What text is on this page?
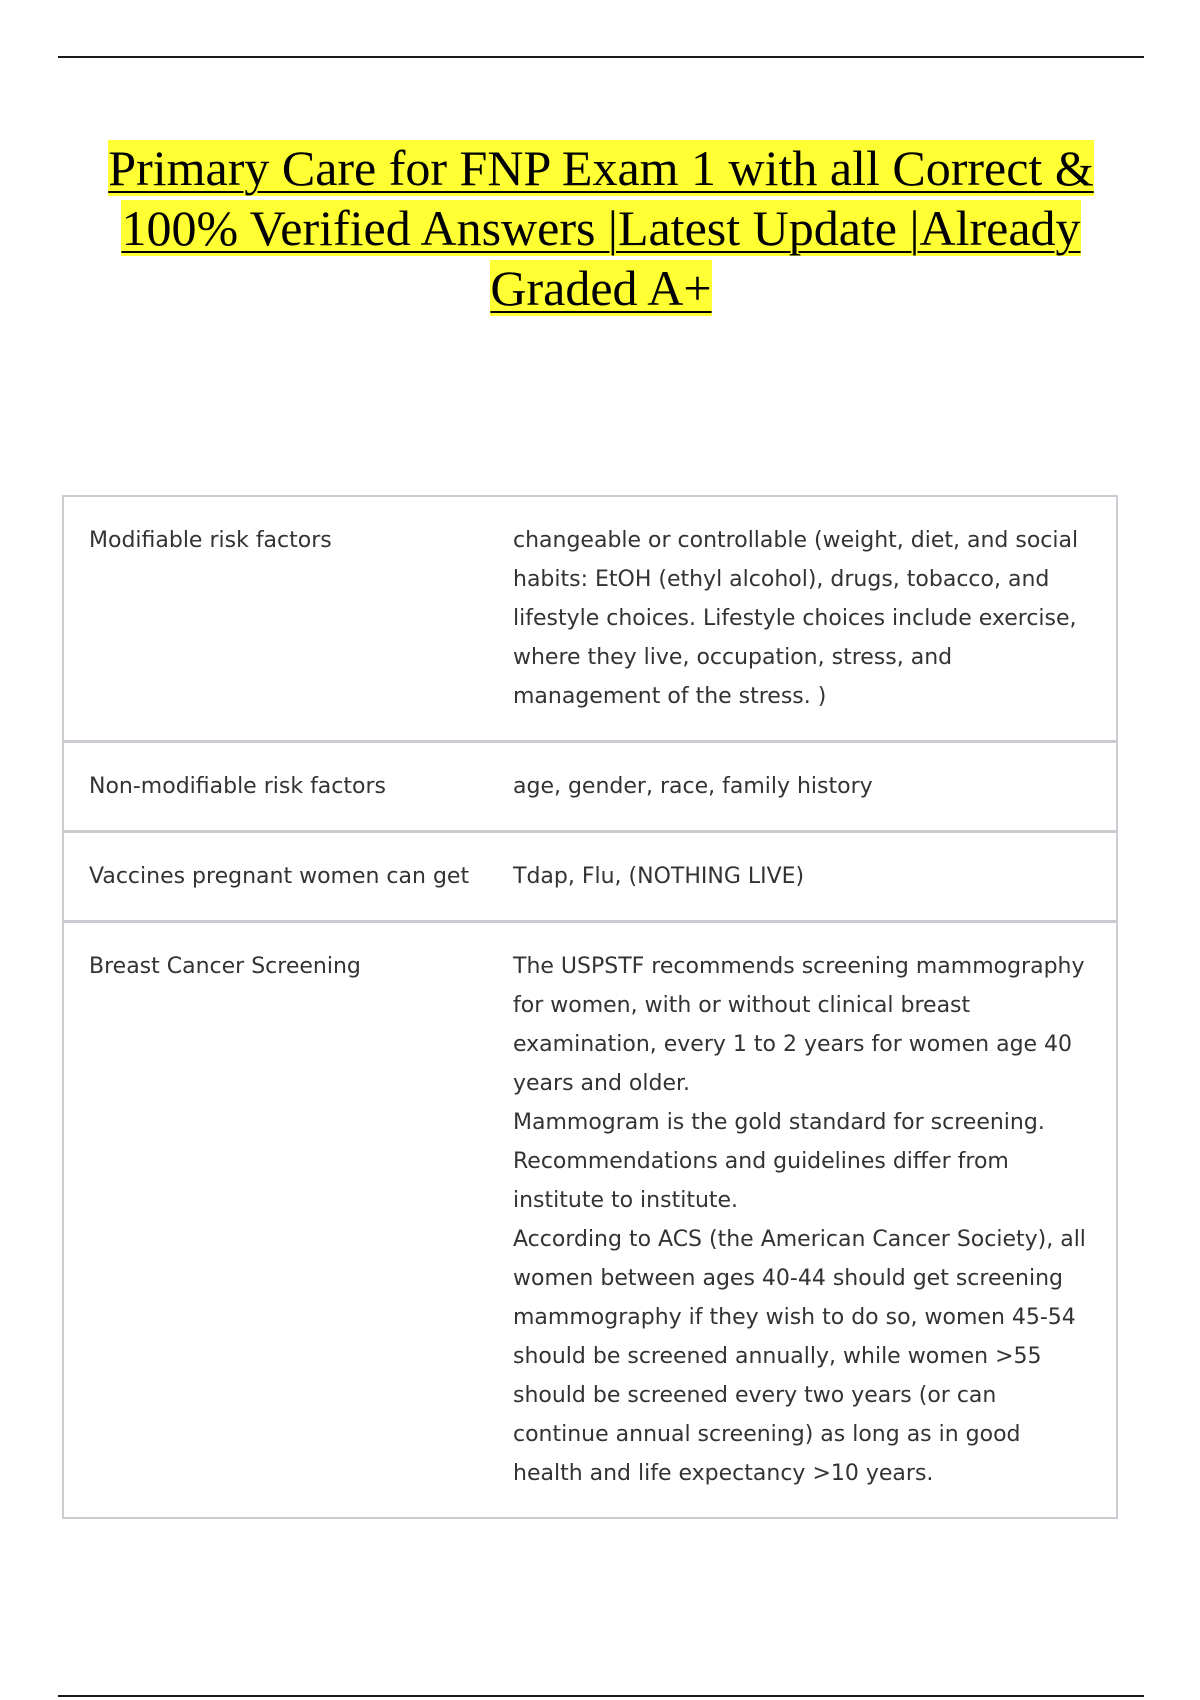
Primary Care for FNP Exam 1 with all Correct &
100% Verified Answers |Latest Update |Already
Graded A+
Modifiable risk factors	changeable or controllable (weight, diet, and social habits: EtOH (ethyl alcohol), drugs, tobacco, and lifestyle choices. Lifestyle choices include exercise, where they live, occupation, stress, and management of the stress. )

Non-modifiable risk factors	age, gender, race, family history

Vaccines pregnant women can get	Tdap, Flu, (NOTHING LIVE)

Breast Cancer Screening	The USPSTF recommends screening mammography for women, with or without clinical breast examination, every 1 to 2 years for women age 40 years and older.

Mammogram is the gold standard for screening. Recommendations and guidelines differ from institute to institute.

According to ACS (the American Cancer Society), all women between ages 40-44 should get screening mammography if they wish to do so, women 45-54 should be screened annually, while women >55 should be screened every two years (or can continue annual screening) as long as in good health and life expectancy >10 years.
